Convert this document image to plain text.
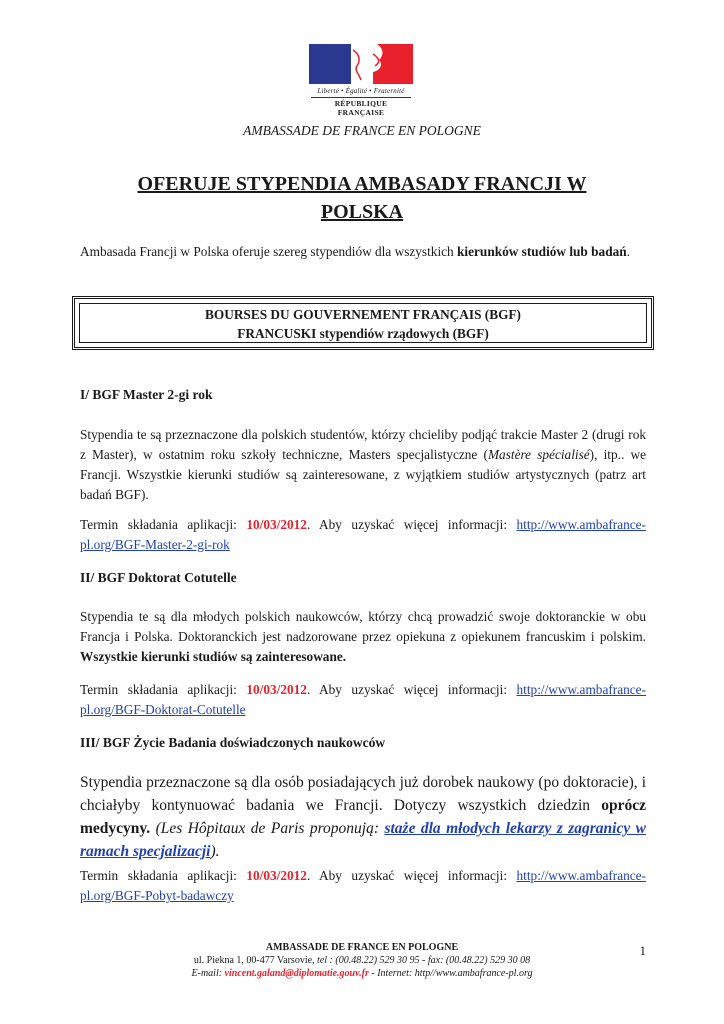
Liberté • Égalité • Fraternité
RÉPUBLIQUE FRANÇAISE
AMBASSADE DE FRANCE EN POLOGNE
OFERUJE STYPENDIA AMBASADY FRANCJI W
POLSKA
Ambasada Francji w Polska oferuje szereg stypendiów dla wszystkich kierunków studiów lub badań.
BOURSES DU GOUVERNEMENT FRANÇAIS (BGF)
FRANCUSKI stypendiów rządowych (BGF)
I/ BGF Master 2-gi rok
Stypendia te są przeznaczone dla polskich studentów, którzy chcieliby podjąć trakcie Master 2 (drugi rok z Master), w ostatnim roku szkoły techniczne, Masters specjalistyczne (Mastère spécialisé), itp.. we Francji. Wszystkie kierunki studiów są zainteresowane, z wyjątkiem studiów artystycznych (patrz art badań BGF).
Termin składania aplikacji: 10/03/2012. Aby uzyskać więcej informacji: http://www.ambafrance-pl.org/BGF-Master-2-gi-rok
II/ BGF Doktorat Cotutelle
Stypendia te są dla młodych polskich naukowców, którzy chcą prowadzić swoje doktoranckie w obu Francja i Polska. Doktoranckich jest nadzorowane przez opiekuna z opiekunem francuskim i polskim. Wszystkie kierunki studiów są zainteresowane.
Termin składania aplikacji: 10/03/2012. Aby uzyskać więcej informacji: http://www.ambafrance-pl.org/BGF-Doktorat-Cotutelle
III/ BGF Życie Badania doświadczonych naukowców
Stypendia przeznaczone są dla osób posiadających już dorobek naukowy (po doktoracie), i chciałyby kontynuować badania we Francji. Dotyczy wszystkich dziedzin oprócz medycyny. (Les Hôpitaux de Paris proponują: staże dla młodych lekarzy z zagranicy w ramach specjalizacji).
Termin składania aplikacji: 10/03/2012. Aby uzyskać więcej informacji: http://www.ambafrance-pl.org/BGF-Pobyt-badawczy
AMBASSADE DE FRANCE EN POLOGNE
ul. Piekna 1, 00-477 Varsovie, tel : (00.48.22) 529 30 95 - fax: (00.48.22) 529 30 08
E-mail: vincent.galand@diplomatie.gouv.fr - Internet: http//www.ambafrance-pl.org
1
